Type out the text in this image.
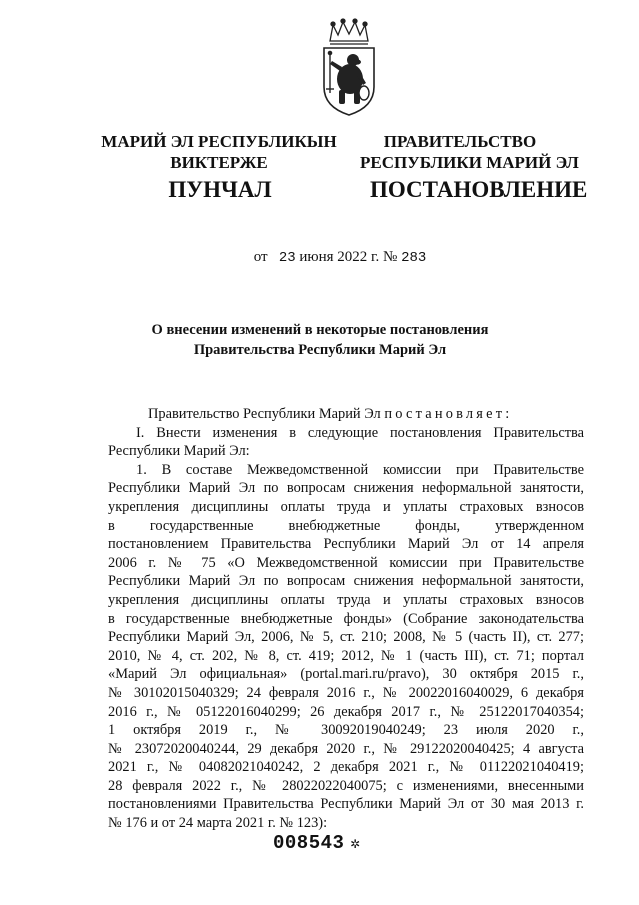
МАРИЙ ЭЛ РЕСПУБЛИКЫН
ВИКТЕРЖЕ
ПУНЧАЛ
ПРАВИТЕЛЬСТВО
РЕСПУБЛИКИ МАРИЙ ЭЛ
ПОСТАНОВЛЕНИЕ
от 23 июня 2022 г. № 283
О внесении изменений в некоторые постановления
Правительства Республики Марий Эл
Правительство Республики Марий Эл постановляет:
I. Внести изменения в следующие постановления Правительства
Республики Марий Эл:
1. В составе Межведомственной комиссии при Правительстве
Республики Марий Эл по вопросам снижения неформальной занятости,
укрепления дисциплины оплаты труда и уплаты страховых взносов
в государственные внебюджетные фонды, утвержденном
постановлением Правительства Республики Марий Эл от 14 апреля
2006 г. № 75 «О Межведомственной комиссии при Правительстве
Республики Марий Эл по вопросам снижения неформальной занятости,
укрепления дисциплины оплаты труда и уплаты страховых взносов
в государственные внебюджетные фонды» (Собрание законодательства
Республики Марий Эл, 2006, № 5, ст. 210; 2008, № 5 (часть II), ст. 277;
2010, № 4, ст. 202, № 8, ст. 419; 2012, № 1 (часть III), ст. 71; портал
«Марий Эл официальная» (portal.mari.ru/pravo), 30 октября 2015 г.,
№ 30102015040329; 24 февраля 2016 г., № 20022016040029, 6 декабря
2016 г., № 05122016040299; 26 декабря 2017 г., № 25122017040354;
1 октября 2019 г., № 30092019040249; 23 июля 2020 г.,
№ 23072020040244, 29 декабря 2020 г., № 29122020040425; 4 августа
2021 г., № 04082021040242, 2 декабря 2021 г., № 01122021040419;
28 февраля 2022 г., № 28022022040075; с изменениями, внесенными
постановлениями Правительства Республики Марий Эл от 30 мая 2013 г.
№ 176 и от 24 марта 2021 г. № 123):
008543 ✲
